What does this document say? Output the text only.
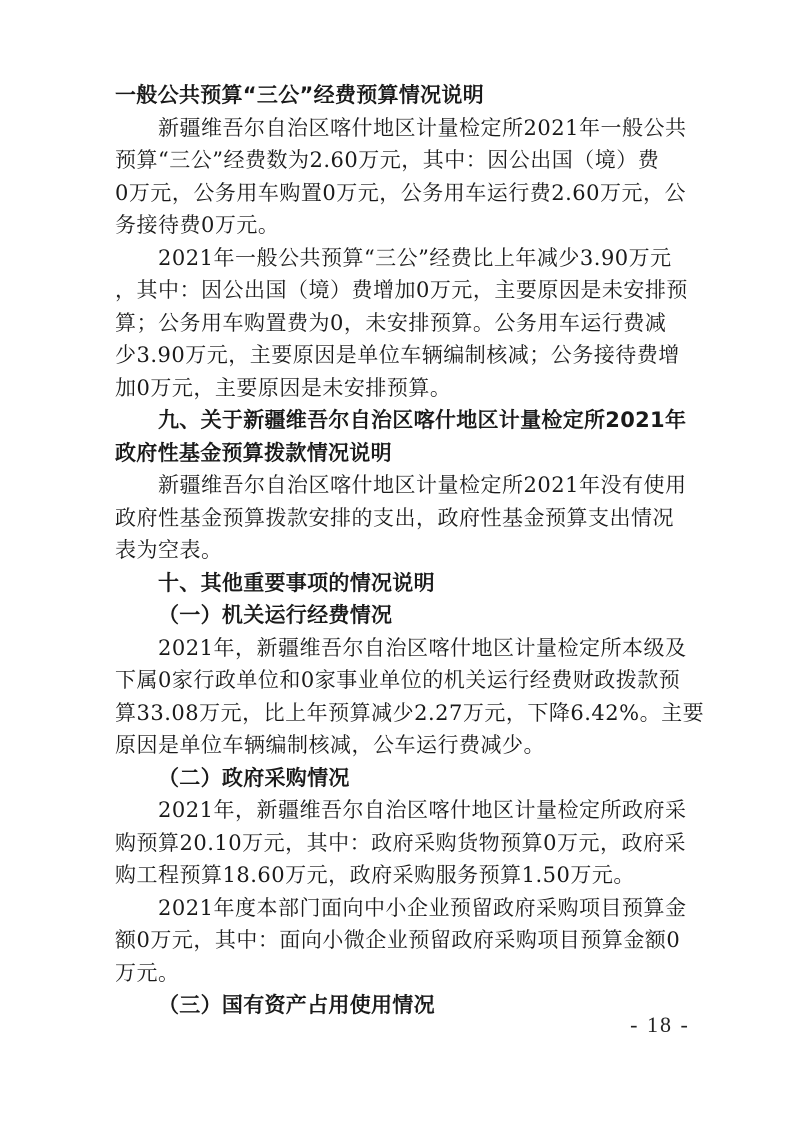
一般公共预算“三公”经费预算情况说明
新疆维吾尔自治区喀什地区计量检定所2021年一般公共
预算“三公”经费数为2.60万元，其中：因公出国（境）费
0万元，公务用车购置0万元，公务用车运行费2.60万元，公
务接待费0万元。
2021年一般公共预算“三公”经费比上年减少3.90万元
，其中：因公出国（境）费增加0万元，主要原因是未安排预
算；公务用车购置费为0，未安排预算。公务用车运行费减
少3.90万元，主要原因是单位车辆编制核减；公务接待费增
加0万元，主要原因是未安排预算。
九、关于新疆维吾尔自治区喀什地区计量检定所2021年
政府性基金预算拨款情况说明
新疆维吾尔自治区喀什地区计量检定所2021年没有使用
政府性基金预算拨款安排的支出，政府性基金预算支出情况
表为空表。
十、其他重要事项的情况说明
（一）机关运行经费情况
2021年，新疆维吾尔自治区喀什地区计量检定所本级及
下属0家行政单位和0家事业单位的机关运行经费财政拨款预
算33.08万元，比上年预算减少2.27万元，下降6.42%。主要
原因是单位车辆编制核减，公车运行费减少。
（二）政府采购情况
2021年，新疆维吾尔自治区喀什地区计量检定所政府采
购预算20.10万元，其中：政府采购货物预算0万元，政府采
购工程预算18.60万元，政府采购服务预算1.50万元。
- 18 -
2021年度本部门面向中小企业预留政府采购项目预算金
额0万元，其中：面向小微企业预留政府采购项目预算金额0
万元。
（三）国有资产占用使用情况
